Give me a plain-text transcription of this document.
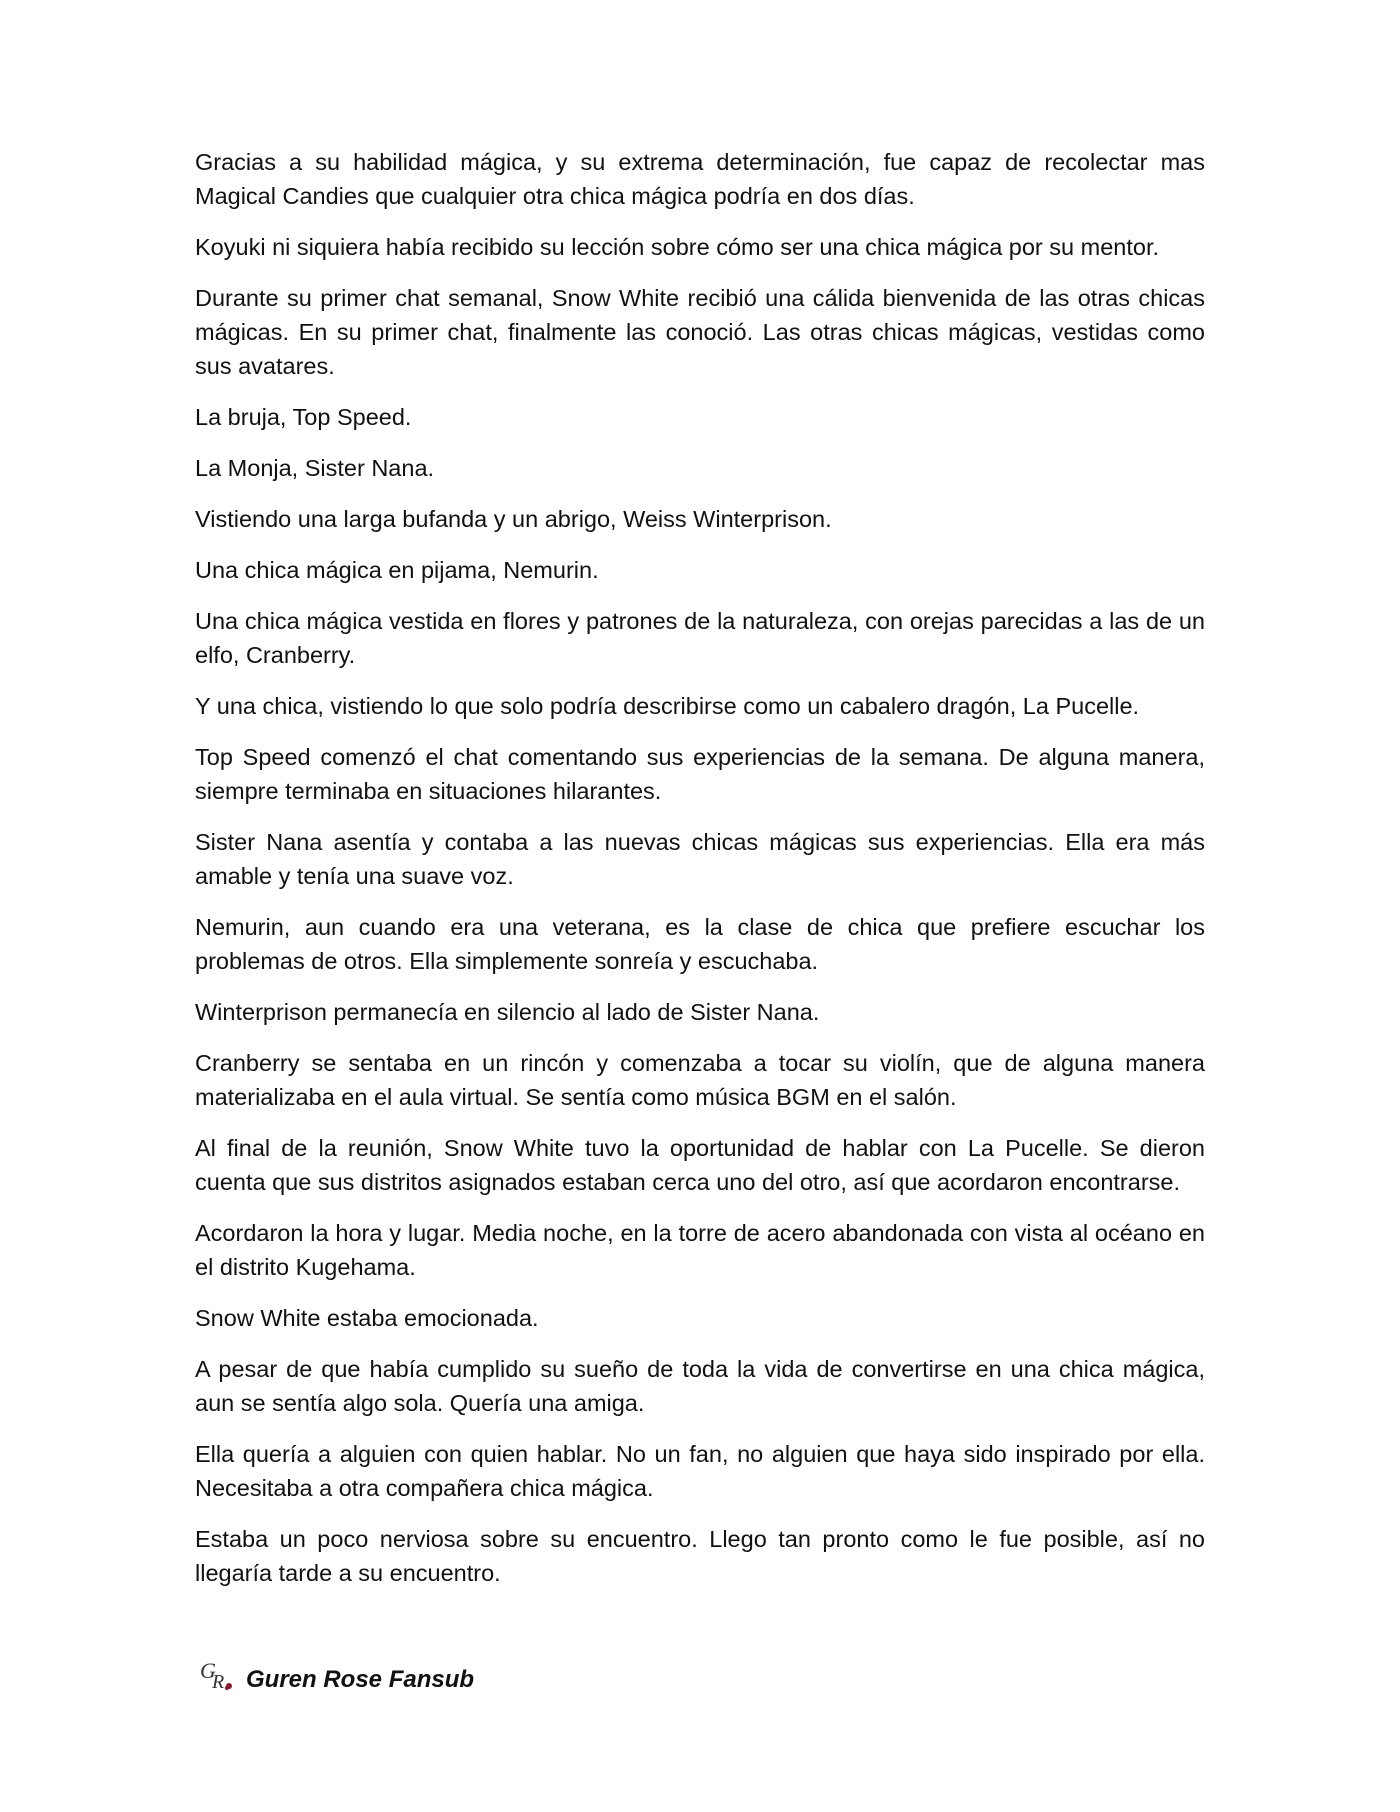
Gracias a su habilidad mágica, y su extrema determinación, fue capaz de recolectar mas Magical Candies que cualquier otra chica mágica podría en dos días.

Koyuki ni siquiera había recibido su lección sobre cómo ser una chica mágica por su mentor.

Durante su primer chat semanal, Snow White recibió una cálida bienvenida de las otras chicas mágicas. En su primer chat, finalmente las conoció. Las otras chicas mágicas, vestidas como sus avatares.

La bruja, Top Speed.

La Monja, Sister Nana.

Vistiendo una larga bufanda y un abrigo, Weiss Winterprison.

Una chica mágica en pijama, Nemurin.

Una chica mágica vestida en flores y patrones de la naturaleza, con orejas parecidas a las de un elfo, Cranberry.

Y una chica, vistiendo lo que solo podría describirse como un cabalero dragón, La Pucelle.

Top Speed comenzó el chat comentando sus experiencias de la semana. De alguna manera, siempre terminaba en situaciones hilarantes.

Sister Nana asentía y contaba a las nuevas chicas mágicas sus experiencias. Ella era más amable y tenía una suave voz.

Nemurin, aun cuando era una veterana, es la clase de chica que prefiere escuchar los problemas de otros. Ella simplemente sonreía y escuchaba.

Winterprison permanecía en silencio al lado de Sister Nana.

Cranberry se sentaba en un rincón y comenzaba a tocar su violín, que de alguna manera materializaba en el aula virtual. Se sentía como música BGM en el salón.

Al final de la reunión, Snow White tuvo la oportunidad de hablar con La Pucelle. Se dieron cuenta que sus distritos asignados estaban cerca uno del otro, así que acordaron encontrarse.

Acordaron la hora y lugar. Media noche, en la torre de acero abandonada con vista al océano en el distrito Kugehama.

Snow White estaba emocionada.

A pesar de que había cumplido su sueño de toda la vida de convertirse en una chica mágica, aun se sentía algo sola. Quería una amiga.

Ella quería a alguien con quien hablar. No un fan, no alguien que haya sido inspirado por ella. Necesitaba a otra compañera chica mágica.

Estaba un poco nerviosa sobre su encuentro. Llego tan pronto como le fue posible, así no llegaría tarde a su encuentro.

G
R Guren Rose Fansub
